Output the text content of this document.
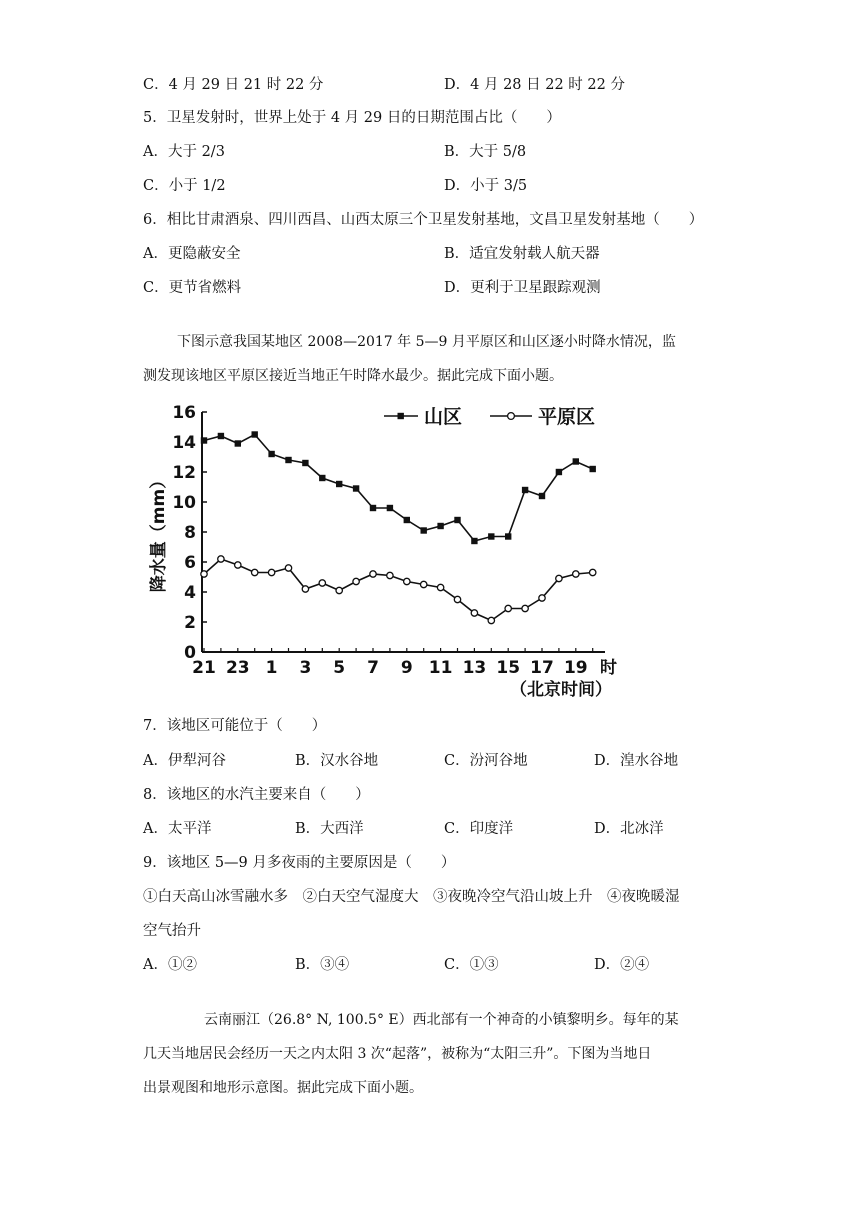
C．4 月 29 日 21 时 22 分	D．4 月 28 日 22 时 22 分
5．卫星发射时，世界上处于 4 月 29 日的日期范围占比（　　）
A．大于 2/3	B．大于 5/8
C．小于 1/2	D．小于 3/5
6．相比甘肃酒泉、四川西昌、山西太原三个卫星发射基地，文昌卫星发射基地（　　）
A．更隐蔽安全	B．适宜发射载人航天器
C．更节省燃料	D．更利于卫星跟踪观测
下图示意我国某地区 2008—2017 年 5—9 月平原区和山区逐小时降水情况，监
测发现该地区平原区接近当地正午时降水最少。据此完成下面小题。
0
2
4
6
8
10
12
14
16
21 23 1 3 5 7 9 11 13 15 17 19
山区	平原区
降水量（mm）
时
（北京时间）
7．该地区可能位于（　　）
A．伊犁河谷	B．汉水谷地	C．汾河谷地	D．湟水谷地
8．该地区的水汽主要来自（　　）
A．太平洋	B．大西洋	C．印度洋	D．北冰洋
9．该地区 5—9 月多夜雨的主要原因是（　　）
①白天高山冰雪融水多　②白天空气湿度大　③夜晚冷空气沿山坡上升　④夜晚暖湿
空气抬升
A．①②	B．③④	C．①③	D．②④
云南丽江（26.8° N, 100.5° E）西北部有一个神奇的小镇黎明乡。每年的某
几天当地居民会经历一天之内太阳 3 次“起落”，被称为“太阳三升”。下图为当地日
出景观图和地形示意图。据此完成下面小题。
